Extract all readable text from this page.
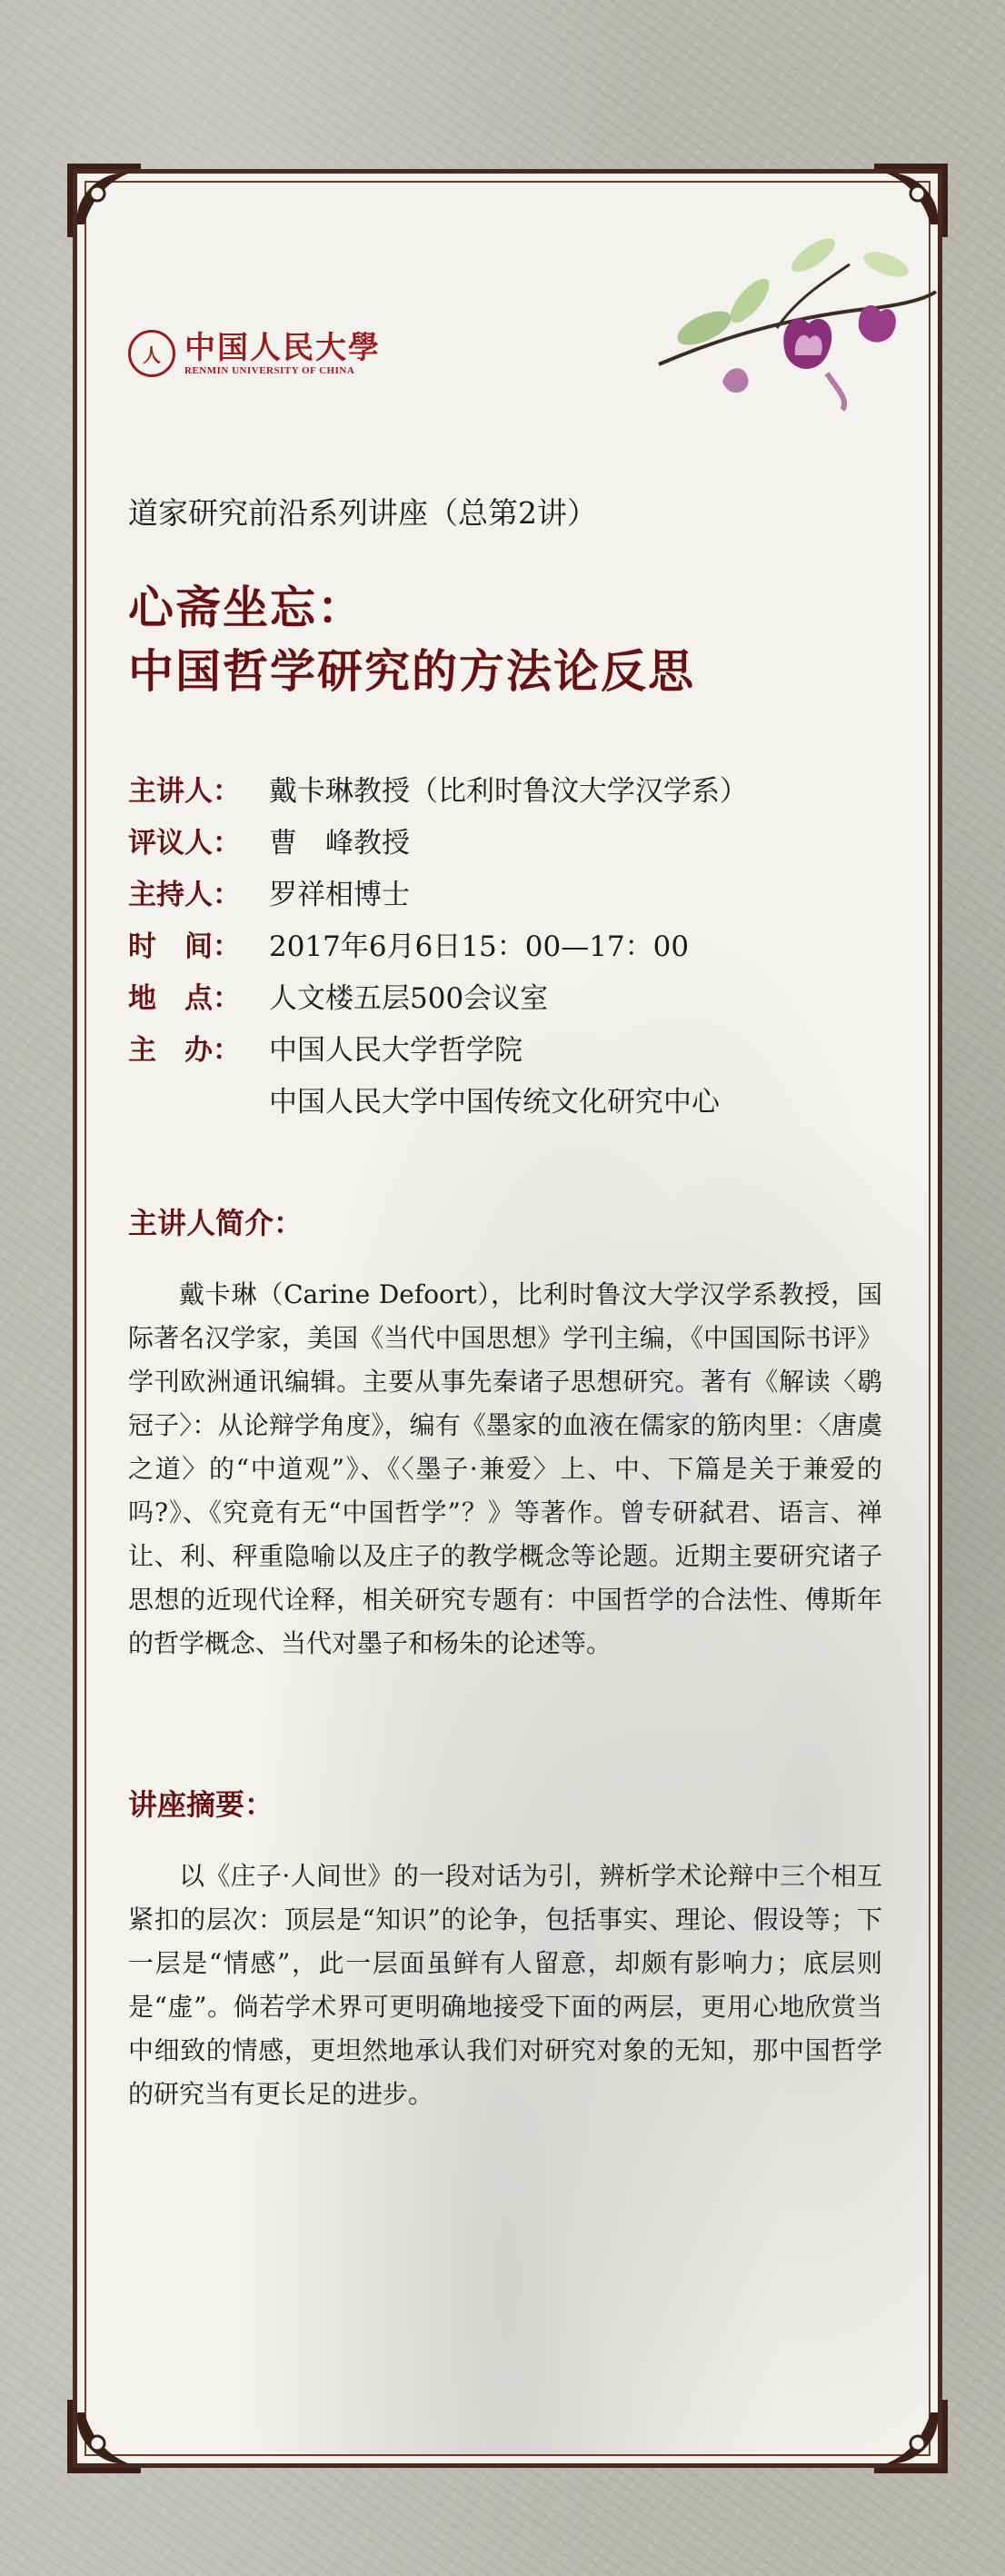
人 中国人民大學
RENMIN UNIVERSITY OF CHINA
道家研究前沿系列讲座（总第2讲）
心斋坐忘：
中国哲学研究的方法论反思
主讲人：	戴卡琳教授（比利时鲁汶大学汉学系）
评议人：	曹　峰教授
主持人：	罗祥相博士
时　间：	2017年6月6日15：00—17：00
地　点：	人文楼五层500会议室
主　办：	中国人民大学哲学院
中国人民大学中国传统文化研究中心
主讲人简介：
戴卡琳（Carine Defoort），比利时鲁汶大学汉学系教授，国际著名汉学家，美国《当代中国思想》学刊主编，《中国国际书评》学刊欧洲通讯编辑。主要从事先秦诸子思想研究。著有《解读〈鹖冠子〉：从论辩学角度》，编有《墨家的血液在儒家的筋肉里：〈唐虞之道〉的“中道观”》、《〈墨子·兼爱〉上、中、下篇是关于兼爱的吗?》、《究竟有无“中国哲学”？》等著作。曾专研弑君、语言、禅让、利、秤重隐喻以及庄子的教学概念等论题。近期主要研究诸子思想的近现代诠释，相关研究专题有：中国哲学的合法性、傅斯年的哲学概念、当代对墨子和杨朱的论述等。
讲座摘要：
以《庄子·人间世》的一段对话为引，辨析学术论辩中三个相互紧扣的层次：顶层是“知识”的论争，包括事实、理论、假设等；下一层是“情感”，此一层面虽鲜有人留意，却颇有影响力；底层则是“虚”。倘若学术界可更明确地接受下面的两层，更用心地欣赏当中细致的情感，更坦然地承认我们对研究对象的无知，那中国哲学的研究当有更长足的进步。
